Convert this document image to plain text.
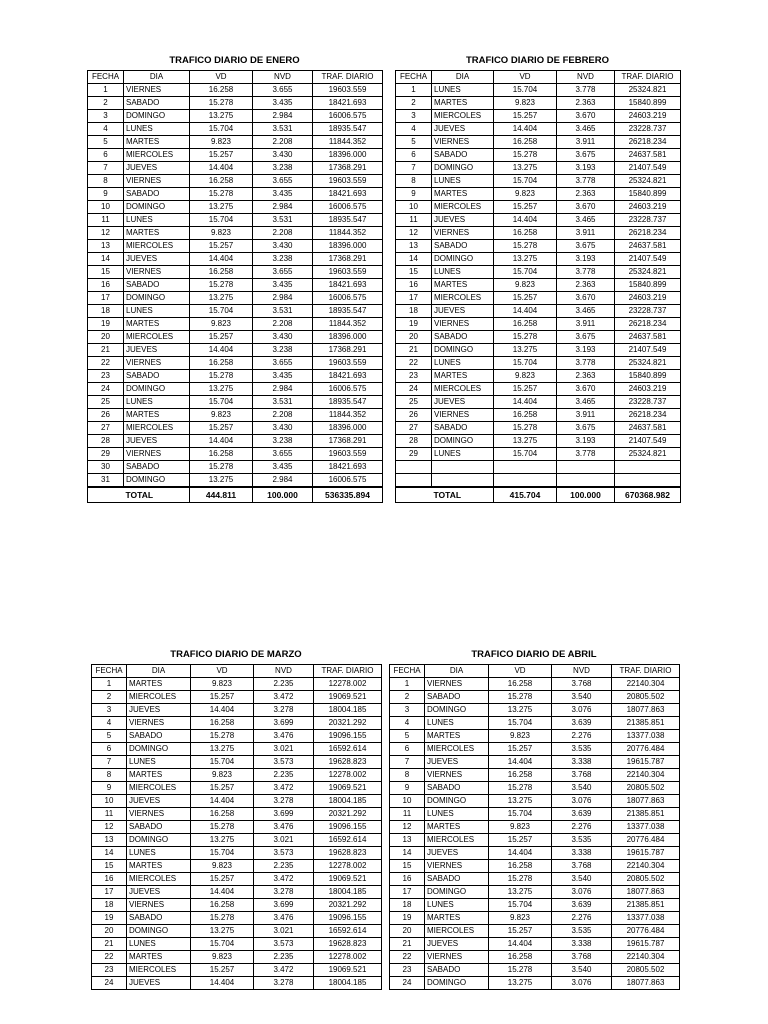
TRAFICO DIARIO DE ENERO
FECHA	DIA	VD	NVD	TRAF. DIARIO
1	VIERNES	16.258	3.655	19603.559
2	SABADO	15.278	3.435	18421.693
3	DOMINGO	13.275	2.984	16006.575
4	LUNES	15.704	3.531	18935.547
5	MARTES	9.823	2.208	11844.352
6	MIERCOLES	15.257	3.430	18396.000
7	JUEVES	14.404	3.238	17368.291
8	VIERNES	16.258	3.655	19603.559
9	SABADO	15.278	3.435	18421.693
10	DOMINGO	13.275	2.984	16006.575
11	LUNES	15.704	3.531	18935.547
12	MARTES	9.823	2.208	11844.352
13	MIERCOLES	15.257	3.430	18396.000
14	JUEVES	14.404	3.238	17368.291
15	VIERNES	16.258	3.655	19603.559
16	SABADO	15.278	3.435	18421.693
17	DOMINGO	13.275	2.984	16006.575
18	LUNES	15.704	3.531	18935.547
19	MARTES	9.823	2.208	11844.352
20	MIERCOLES	15.257	3.430	18396.000
21	JUEVES	14.404	3.238	17368.291
22	VIERNES	16.258	3.655	19603.559
23	SABADO	15.278	3.435	18421.693
24	DOMINGO	13.275	2.984	16006.575
25	LUNES	15.704	3.531	18935.547
26	MARTES	9.823	2.208	11844.352
27	MIERCOLES	15.257	3.430	18396.000
28	JUEVES	14.404	3.238	17368.291
29	VIERNES	16.258	3.655	19603.559
30	SABADO	15.278	3.435	18421.693
31	DOMINGO	13.275	2.984	16006.575
	TOTAL	444.811	100.000	536335.894
TRAFICO DIARIO DE FEBRERO
FECHA	DIA	VD	NVD	TRAF. DIARIO
1	LUNES	15.704	3.778	25324.821
2	MARTES	9.823	2.363	15840.899
3	MIERCOLES	15.257	3.670	24603.219
4	JUEVES	14.404	3.465	23228.737
5	VIERNES	16.258	3.911	26218.234
6	SABADO	15.278	3.675	24637.581
7	DOMINGO	13.275	3.193	21407.549
8	LUNES	15.704	3.778	25324.821
9	MARTES	9.823	2.363	15840.899
10	MIERCOLES	15.257	3.670	24603.219
11	JUEVES	14.404	3.465	23228.737
12	VIERNES	16.258	3.911	26218.234
13	SABADO	15.278	3.675	24637.581
14	DOMINGO	13.275	3.193	21407.549
15	LUNES	15.704	3.778	25324.821
16	MARTES	9.823	2.363	15840.899
17	MIERCOLES	15.257	3.670	24603.219
18	JUEVES	14.404	3.465	23228.737
19	VIERNES	16.258	3.911	26218.234
20	SABADO	15.278	3.675	24637.581
21	DOMINGO	13.275	3.193	21407.549
22	LUNES	15.704	3.778	25324.821
23	MARTES	9.823	2.363	15840.899
24	MIERCOLES	15.257	3.670	24603.219
25	JUEVES	14.404	3.465	23228.737
26	VIERNES	16.258	3.911	26218.234
27	SABADO	15.278	3.675	24637.581
28	DOMINGO	13.275	3.193	21407.549
29	LUNES	15.704	3.778	25324.821

	TOTAL	415.704	100.000	670368.982
TRAFICO DIARIO DE MARZO
FECHA	DIA	VD	NVD	TRAF. DIARIO
1	MARTES	9.823	2.235	12278.002
2	MIERCOLES	15.257	3.472	19069.521
3	JUEVES	14.404	3.278	18004.185
4	VIERNES	16.258	3.699	20321.292
5	SABADO	15.278	3.476	19096.155
6	DOMINGO	13.275	3.021	16592.614
7	LUNES	15.704	3.573	19628.823
8	MARTES	9.823	2.235	12278.002
9	MIERCOLES	15.257	3.472	19069.521
10	JUEVES	14.404	3.278	18004.185
11	VIERNES	16.258	3.699	20321.292
12	SABADO	15.278	3.476	19096.155
13	DOMINGO	13.275	3.021	16592.614
14	LUNES	15.704	3.573	19628.823
15	MARTES	9.823	2.235	12278.002
16	MIERCOLES	15.257	3.472	19069.521
17	JUEVES	14.404	3.278	18004.185
18	VIERNES	16.258	3.699	20321.292
19	SABADO	15.278	3.476	19096.155
20	DOMINGO	13.275	3.021	16592.614
21	LUNES	15.704	3.573	19628.823
22	MARTES	9.823	2.235	12278.002
23	MIERCOLES	15.257	3.472	19069.521
24	JUEVES	14.404	3.278	18004.185
TRAFICO DIARIO DE ABRIL
FECHA	DIA	VD	NVD	TRAF. DIARIO
1	VIERNES	16.258	3.768	22140.304
2	SABADO	15.278	3.540	20805.502
3	DOMINGO	13.275	3.076	18077.863
4	LUNES	15.704	3.639	21385.851
5	MARTES	9.823	2.276	13377.038
6	MIERCOLES	15.257	3.535	20776.484
7	JUEVES	14.404	3.338	19615.787
8	VIERNES	16.258	3.768	22140.304
9	SABADO	15.278	3.540	20805.502
10	DOMINGO	13.275	3.076	18077.863
11	LUNES	15.704	3.639	21385.851
12	MARTES	9.823	2.276	13377.038
13	MIERCOLES	15.257	3.535	20776.484
14	JUEVES	14.404	3.338	19615.787
15	VIERNES	16.258	3.768	22140.304
16	SABADO	15.278	3.540	20805.502
17	DOMINGO	13.275	3.076	18077.863
18	LUNES	15.704	3.639	21385.851
19	MARTES	9.823	2.276	13377.038
20	MIERCOLES	15.257	3.535	20776.484
21	JUEVES	14.404	3.338	19615.787
22	VIERNES	16.258	3.768	22140.304
23	SABADO	15.278	3.540	20805.502
24	DOMINGO	13.275	3.076	18077.863
